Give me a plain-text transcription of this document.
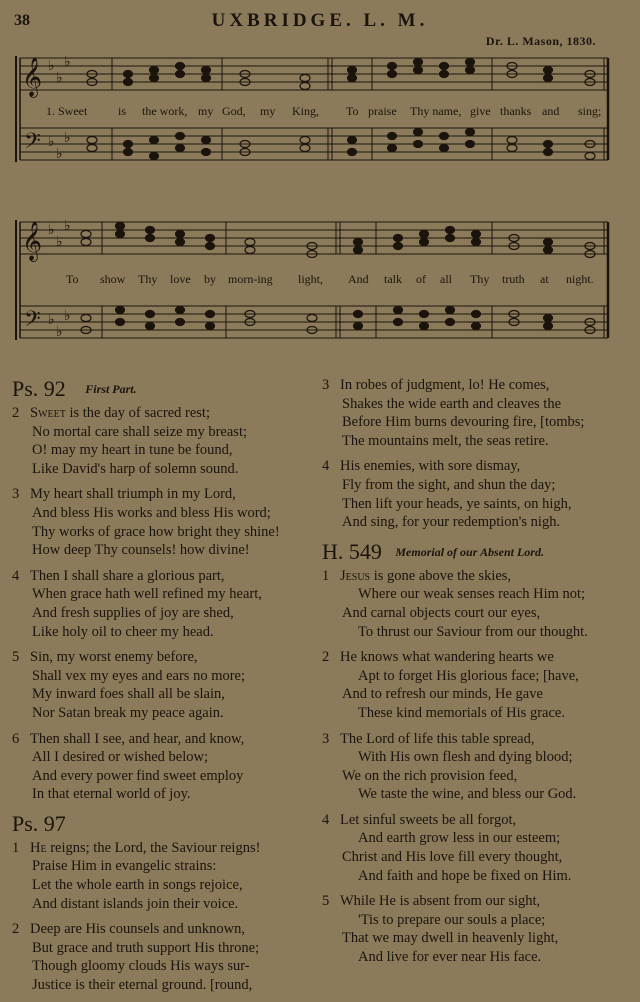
38	UXBRIDGE. L. M.
Dr. L. Mason, 1830.
𝄞
𝄢
♭
♭
♭
♭
♭
♭
1. Sweet	is the work, my God, my King, To praise Thy name, give thanks and sing;
𝄞
𝄢
♭
♭
♭
♭
♭
♭
To show Thy love by morn-ing light, And talk of all Thy truth at night.
Ps. 92 $^{First Part.}$
2 Sweet is the day of sacred rest;
No mortal care shall seize my breast;
O! may my heart in tune be found,
Like David's harp of solemn sound.
3 My heart shall triumph in my Lord,
And bless His works and bless His word;
Thy works of grace how bright they shine!
How deep Thy counsels! how divine!
4 Then I shall share a glorious part,
When grace hath well refined my heart,
And fresh supplies of joy are shed,
Like holy oil to cheer my head.
5 Sin, my worst enemy before,
Shall vex my eyes and ears no more;
My inward foes shall all be slain,
Nor Satan break my peace again.
6 Then shall I see, and hear, and know,
All I desired or wished below;
And every power find sweet employ
In that eternal world of joy.
Ps. 97
1 He reigns; the Lord, the Saviour reigns!
Praise Him in evangelic strains:
Let the whole earth in songs rejoice,
And distant islands join their voice.
2 Deep are His counsels and unknown,
But grace and truth support His throne;
Though gloomy clouds His ways sur-
Justice is their eternal ground. [round,
3 In robes of judgment, lo! He comes,
Shakes the wide earth and cleaves the
Before Him burns devouring fire, [tombs;
The mountains melt, the seas retire.
4 His enemies, with sore dismay,
Fly from the sight, and shun the day;
Then lift your heads, ye saints, on high,
And sing, for your redemption's nigh.
H. 549 $^{Memorial of our Absent Lord.}$
1 Jesus is gone above the skies,
Where our weak senses reach Him not;
And carnal objects court our eyes,
To thrust our Saviour from our thought.
2 He knows what wandering hearts we
Apt to forget His glorious face; [have,
And to refresh our minds, He gave
These kind memorials of His grace.
3 The Lord of life this table spread,
With His own flesh and dying blood;
We on the rich provision feed,
We taste the wine, and bless our God.
4 Let sinful sweets be all forgot,
And earth grow less in our esteem;
Christ and His love fill every thought,
And faith and hope be fixed on Him.
5 While He is absent from our sight,
'Tis to prepare our souls a place;
That we may dwell in heavenly light,
And live for ever near His face.
